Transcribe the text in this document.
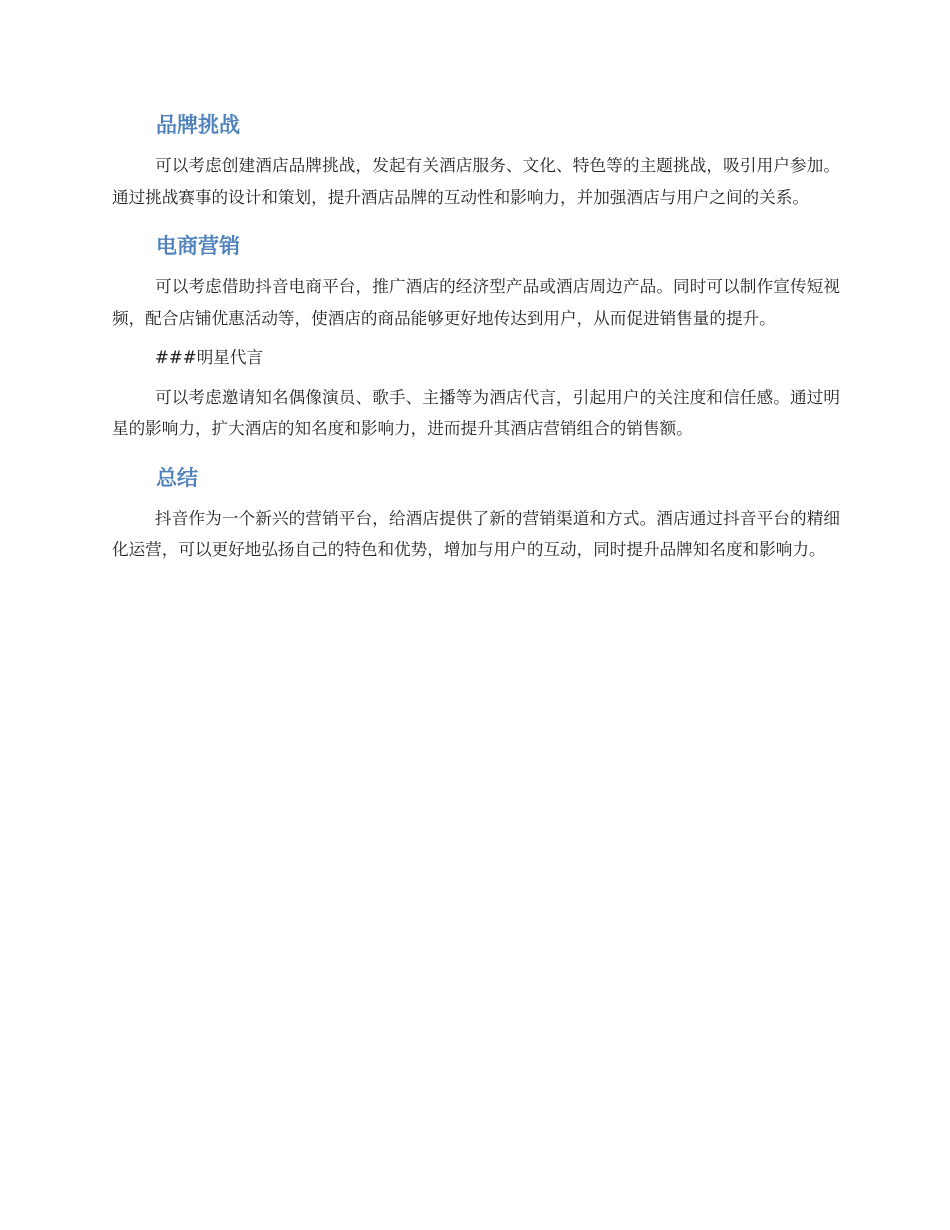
品牌挑战

可以考虑创建酒店品牌挑战，发起有关酒店服务、文化、特色等的主题挑战，吸引用户参加。通过挑战赛事的设计和策划，提升酒店品牌的互动性和影响力，并加强酒店与用户之间的关系。

电商营销

可以考虑借助抖音电商平台，推广酒店的经济型产品或酒店周边产品。同时可以制作宣传短视频，配合店铺优惠活动等，使酒店的商品能够更好地传达到用户，从而促进销售量的提升。

###明星代言

可以考虑邀请知名偶像演员、歌手、主播等为酒店代言，引起用户的关注度和信任感。通过明星的影响力，扩大酒店的知名度和影响力，进而提升其酒店营销组合的销售额。

总结

抖音作为一个新兴的营销平台，给酒店提供了新的营销渠道和方式。酒店通过抖音平台的精细化运营，可以更好地弘扬自己的特色和优势，增加与用户的互动，同时提升品牌知名度和影响力。
